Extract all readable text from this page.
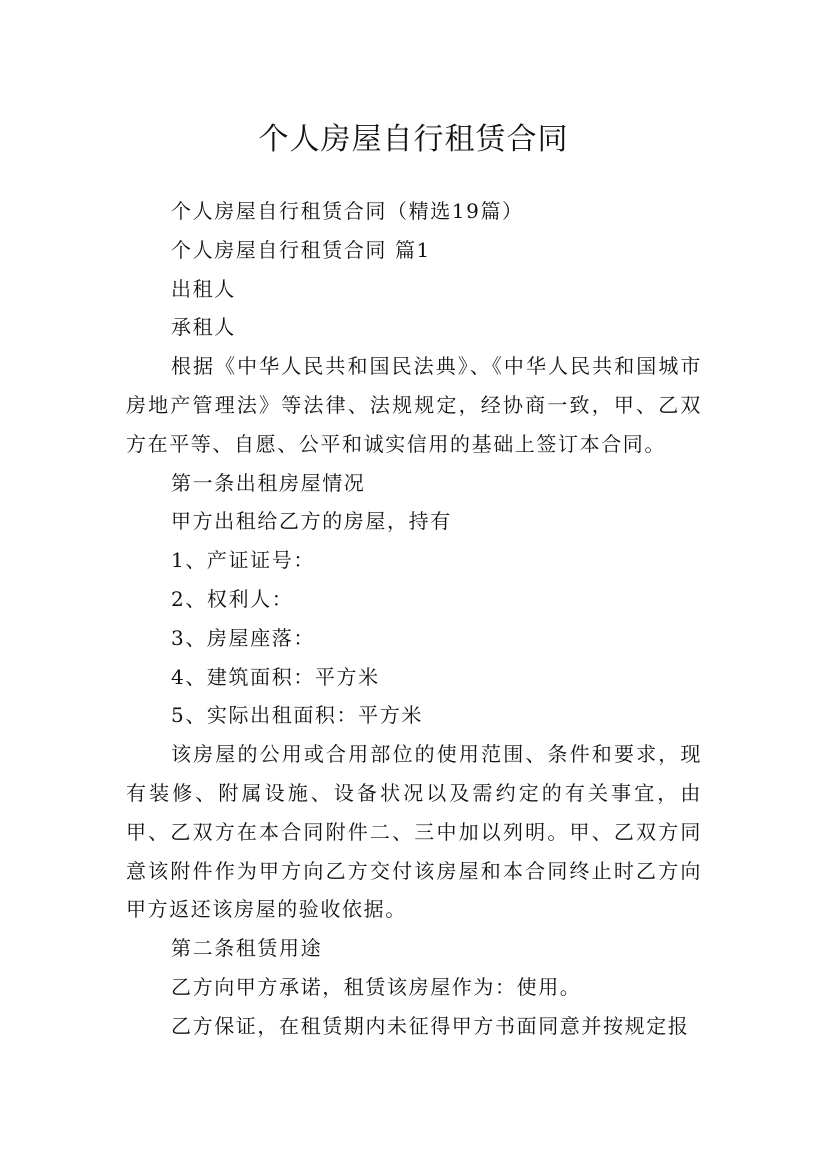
个人房屋自行租赁合同

个人房屋自行租赁合同（精选19篇）

个人房屋自行租赁合同 篇1

出租人

承租人

根据《中华人民共和国民法典》、《中华人民共和国城市房地产管理法》等法律、法规规定，经协商一致，甲、乙双方在平等、自愿、公平和诚实信用的基础上签订本合同。

第一条出租房屋情况

甲方出租给乙方的房屋，持有

1、产证证号：

2、权利人：

3、房屋座落：

4、建筑面积：平方米

5、实际出租面积：平方米

该房屋的公用或合用部位的使用范围、条件和要求，现有装修、附属设施、设备状况以及需约定的有关事宜，由甲、乙双方在本合同附件二、三中加以列明。甲、乙双方同意该附件作为甲方向乙方交付该房屋和本合同终止时乙方向甲方返还该房屋的验收依据。

第二条租赁用途

乙方向甲方承诺，租赁该房屋作为：使用。

乙方保证，在租赁期内未征得甲方书面同意并按规定报
